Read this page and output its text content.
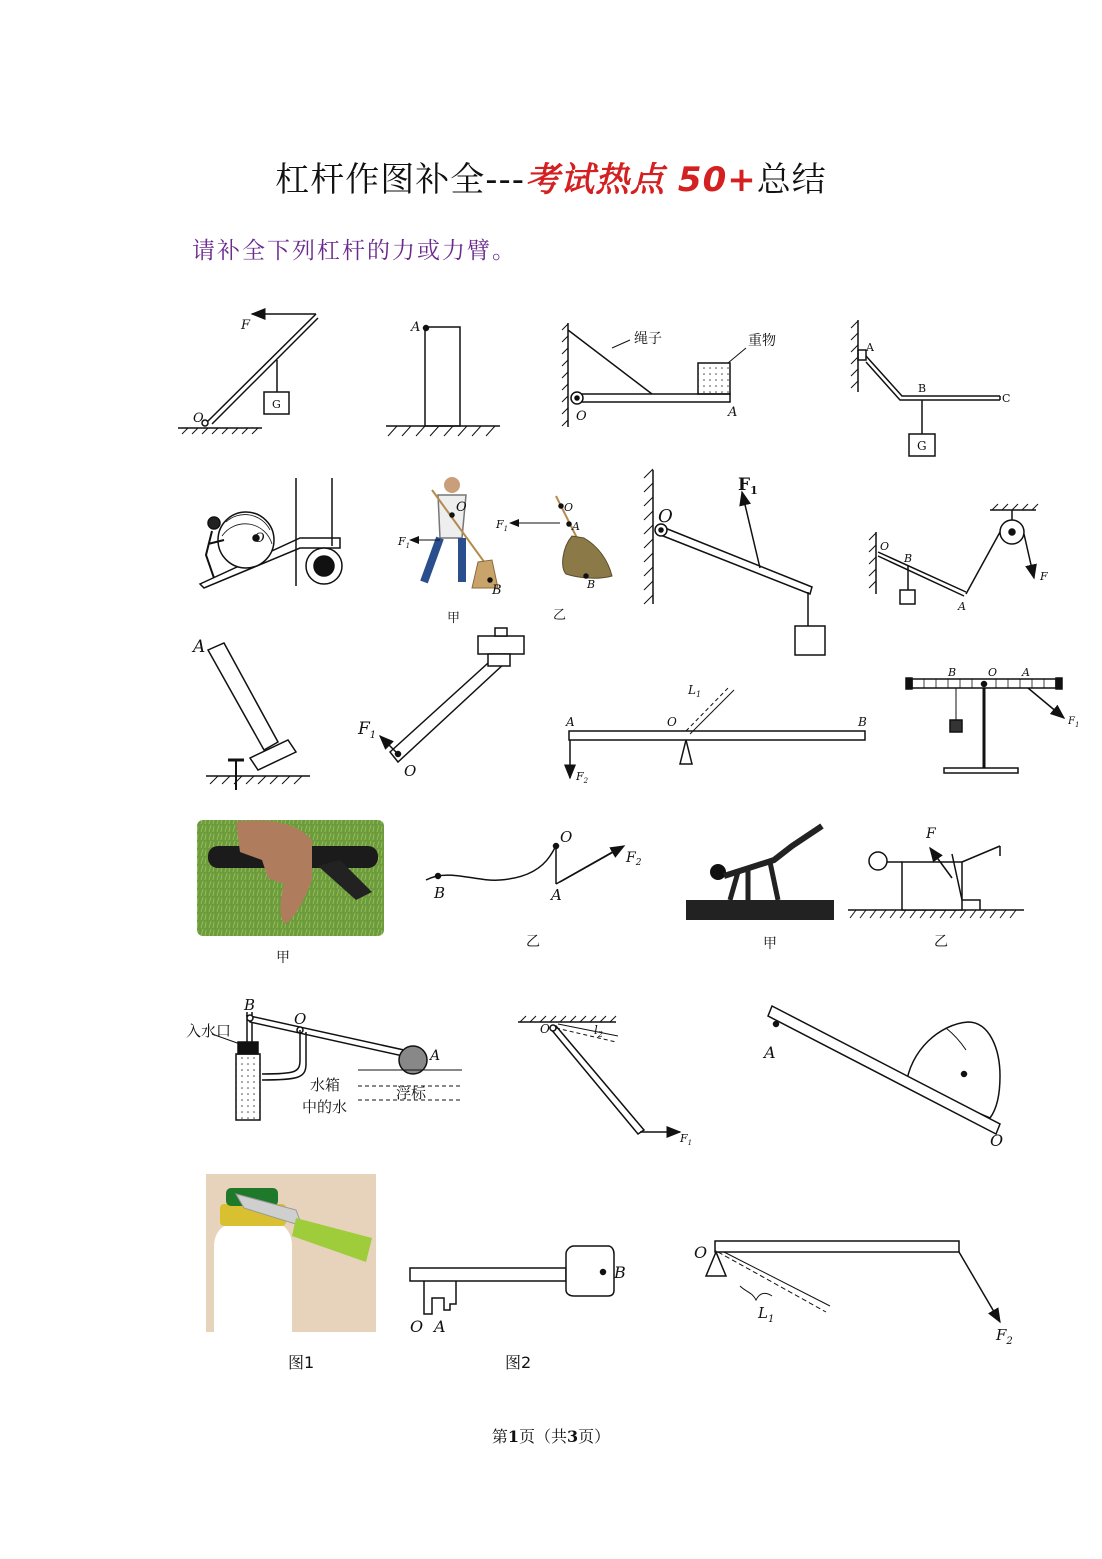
杠杆作图补全---考试热点 50+总结
请补全下列杠杆的力或力臂。
F
O
G
A
绳子	重物
O	A
A
B
C
G
O
O
$F_1$
B
甲
O
A
B
$F_1$
乙
O
$F_1$
O
B
A
F
A
$F_1$
O
A	O	B
$L_1$
$F_2$
B	O A
$F_1$
甲
B
O
A
$F_2$
乙	甲
F
乙
B
O
A
入水口
水箱
中的水
浮标
O	$l_2$
$F_1$
A
O
图1
B
O A
图2
O
$L_1$
$F_2$
第1页（共3页）
